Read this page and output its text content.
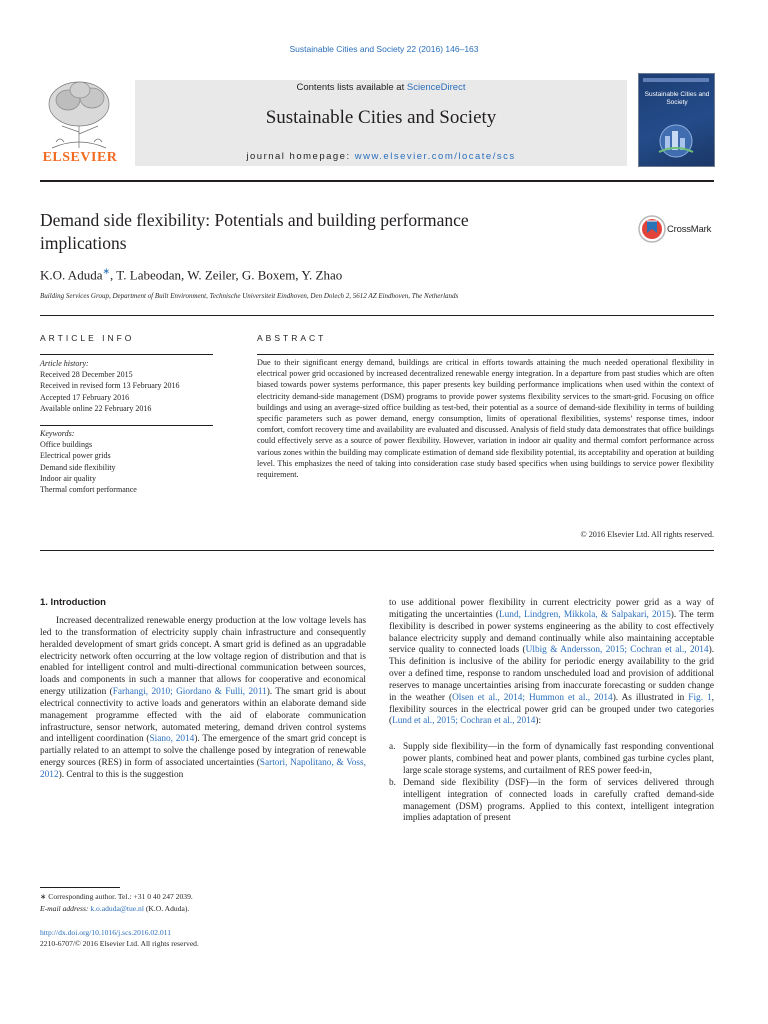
Sustainable Cities and Society 22 (2016) 146–163
ELSEVIER
Contents lists available at ScienceDirect
Sustainable Cities and Society
journal homepage: www.elsevier.com/locate/scs
Sustainable Cities and Society
Demand side flexibility: Potentials and building performance
implications
CrossMark
K.O. Aduda∗, T. Labeodan, W. Zeiler, G. Boxem, Y. Zhao
Building Services Group, Department of Built Environment, Technische Universiteit Eindhoven, Den Dolech 2, 5612 AZ Eindhoven, The Netherlands
ARTICLE INFO
Article history:
Received 28 December 2015
Received in revised form 13 February 2016
Accepted 17 February 2016
Available online 22 February 2016
Keywords:
Office buildings
Electrical power grids
Demand side flexibility
Indoor air quality
Thermal comfort performance
ABSTRACT
Due to their significant energy demand, buildings are critical in efforts towards attaining the much needed operational flexibility in electrical power grid occasioned by increased decentralized renewable energy integration. In a departure from past studies which are often biased towards power systems performance, this paper presents key building performance implications when used within the context of electricity demand-side management (DSM) programs to provide power systems flexibility services to the smart-grid. Focusing on office buildings and using an average-sized office building as test-bed, their potential as a source of demand-side flexibility in terms of building specific parameters such as power demand, energy consumption, limits of operational flexibilities, systems’ response times, indoor comfort, comfort recovery time and availability are evaluated and discussed. Analysis of field study data demonstrates that office buildings could effectively serve as a source of power flexibility. However, variation in indoor air quality and thermal comfort performance across various zones within the building may complicate estimation of demand side flexibility potential, its acceptability and operation at building level. This emphasizes the need of taking into consideration case study based specifics when using buildings to service power flexibility requirement.
© 2016 Elsevier Ltd. All rights reserved.
1. Introduction

Increased decentralized renewable energy production at the low voltage levels has led to the transformation of electricity supply chain infrastructure and consequently heralded development of smart grids concept. A smart grid is defined as an upgradable electricity network often occurring at the low voltage region of distribution and that is enabled for intelligent control and multi-directional communication between sources, loads and components in such a manner that allows for cooperative and economical energy utilization (Farhangi, 2010; Giordano & Fulli, 2011). The smart grid is about electrical connectivity to active loads and generators within an elaborate demand side management programme effected with the aid of elaborate communication infrastructure, sensor network, automated metering, demand driven control systems and intelligent coordination (Siano, 2014). The emergence of the smart grid concept is partially related to an attempt to solve the challenge posed by integration of renewable energy sources (RES) in form of associated uncertainties (Sartori, Napolitano, & Voss, 2012). Central to this is the suggestion

to use additional power flexibility in current electricity power grid as a way of mitigating the uncertainties (Lund, Lindgren, Mikkola, & Salpakari, 2015). The term flexibility is described in power systems engineering as the ability to cost effectively balance electricity supply and demand continually while also maintaining acceptable service quality to connected loads (Ulbig & Andersson, 2015; Cochran et al., 2014). This definition is inclusive of the ability for periodic energy availability to the grid over a defined time, response to random unscheduled load and provision of additional reserves to manage uncertainties arising from inaccurate forecasting or sudden change in the weather (Olsen et al., 2014; Hummon et al., 2014). As illustrated in Fig. 1, flexibility sources in the electrical power grid can be grouped under two categories (Lund et al., 2015; Cochran et al., 2014):

a. Supply side flexibility—in the form of dynamically fast responding conventional power plants, combined heat and power plants, combined gas turbine cycles plant, large scale storage systems, and curtailment of RES power feed-in,
b. Demand side flexibility (DSF)—in the form of services delivered through intelligent integration of connected loads in carefully crafted demand-side management (DSM) programs. Applied to this context, intelligent integration implies adaptation of present
∗ Corresponding author. Tel.: +31 0 40 247 2039.
E-mail address: k.o.aduda@tue.nl (K.O. Aduda).
http://dx.doi.org/10.1016/j.scs.2016.02.011
2210-6707/© 2016 Elsevier Ltd. All rights reserved.
